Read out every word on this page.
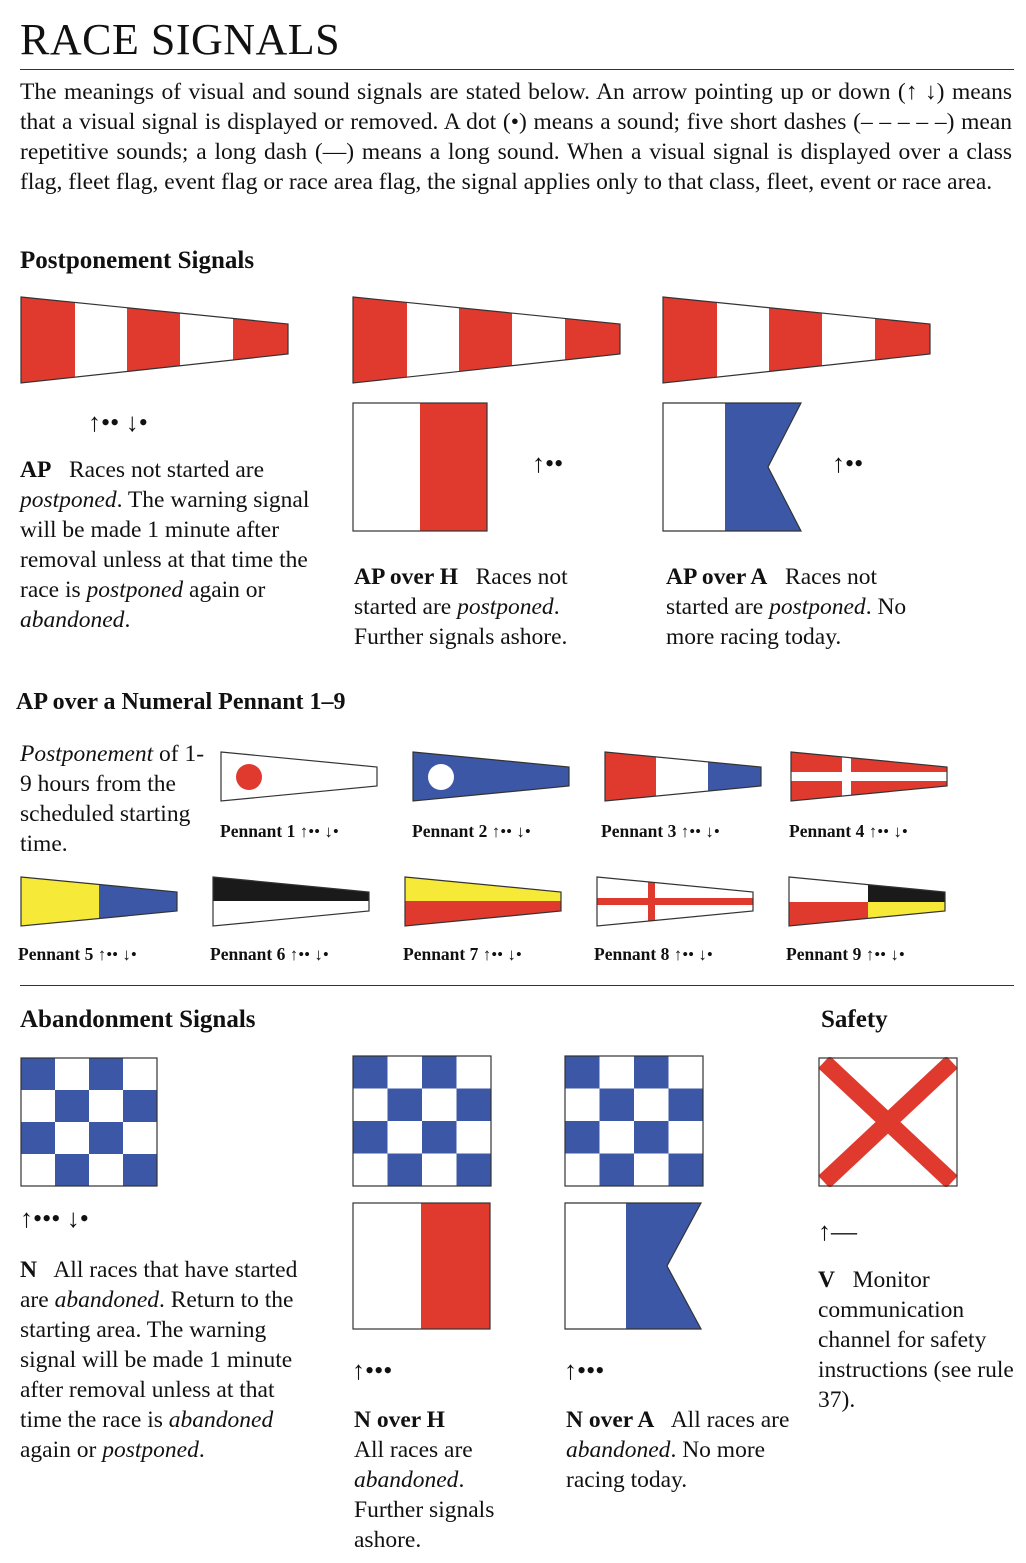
RACE SIGNALS
The meanings of visual and sound signals are stated below. An arrow pointing up or down (↑ ↓) means that a visual signal is displayed or removed. A dot (•) means a sound; five short dashes (– – – – –) mean repetitive sounds; a long dash (—) means a long sound. When a visual signal is displayed over a class flag, fleet flag, event flag or race area flag, the signal applies only to that class, fleet, event or race area.
Postponement Signals
↑•• ↓•
AP Races not started are postponed. The warning signal will be made 1 minute after removal unless at that time the race is postponed again or abandoned.
↑••
AP over H Races not started are postponed. Further signals ashore.
↑••
AP over A Races not started are postponed. No more racing today.
AP over a Numeral Pennant 1–9
Postponement of 1-9 hours from the scheduled starting time.	Pennant 1 ↑•• ↓•	Pennant 2 ↑•• ↓•	Pennant 3 ↑•• ↓•	Pennant 4 ↑•• ↓•
Pennant 5 ↑•• ↓•	Pennant 6 ↑•• ↓•	Pennant 7 ↑•• ↓•	Pennant 8 ↑•• ↓•	Pennant 9 ↑•• ↓•
Abandonment Signals
↑••• ↓•
N All races that have started are abandoned. Return to the starting area. The warning signal will be made 1 minute after removal unless at that time the race is abandoned again or postponed.
↑•••
N over H
All races are abandoned. Further signals ashore.
↑•••
N over A All races are abandoned. No more racing today.
Safety
↑—
V Monitor communication channel for safety instructions (see rule 37).
